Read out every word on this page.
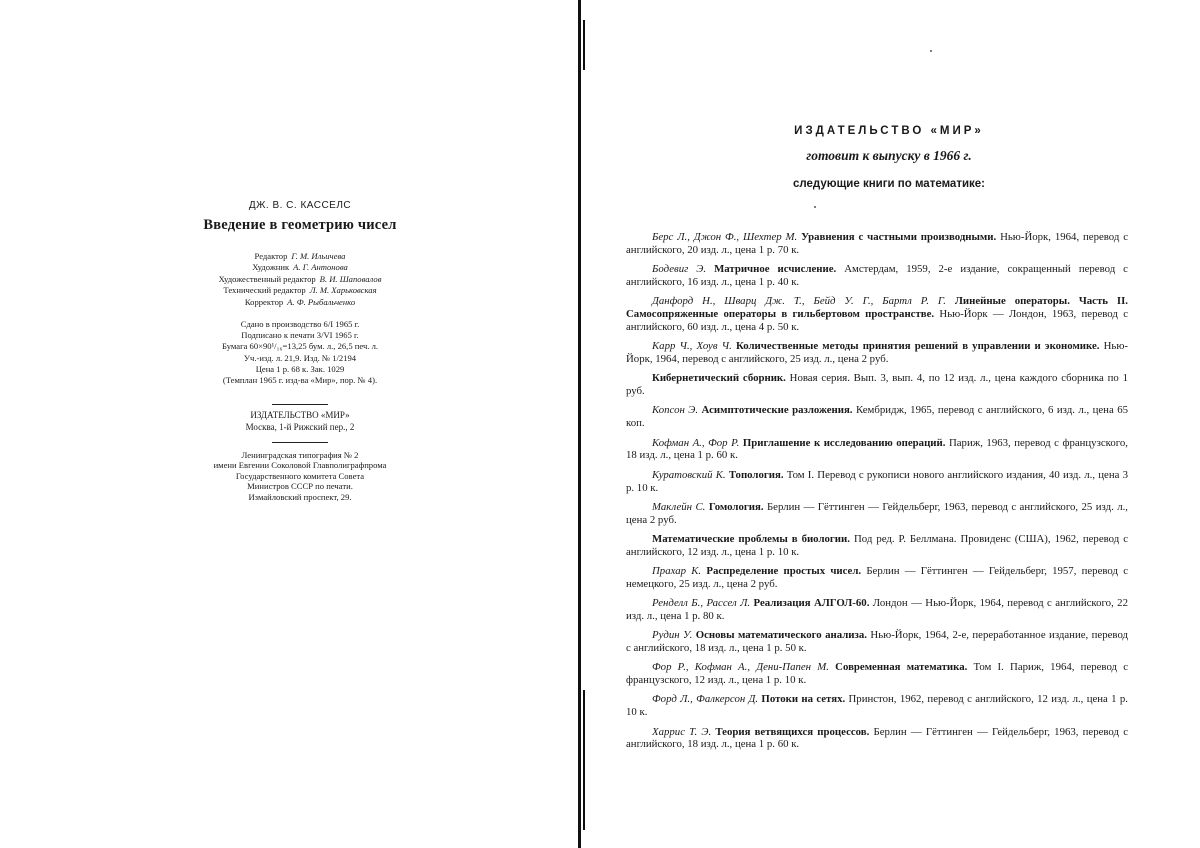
ДЖ. В. С. КАССЕЛС
Введение в геометрию чисел
Редактор Г. М. Ильичева
Художник А. Г. Антонова
Художественный редактор В. И. Шаповалов
Технический редактор Л. М. Харьковская
Корректор А. Ф. Рыбальченко
Сдано в производство 6/I 1965 г.
Подписано к печати 3/VI 1965 г.
Бумага 60×90¹/₁₆=13,25 бум. л., 26,5 печ. л.
Уч.-изд. л. 21,9. Изд. № 1/2194
Цена 1 р. 68 к. Зак. 1029
(Темплан 1965 г. изд-ва «Мир», пор. № 4).
ИЗДАТЕЛЬСТВО «МИР»
Москва, 1-й Рижский пер., 2
Ленинградская типография № 2
имени Евгении Соколовой Главполиграфпрома
Государственного комитета Совета
Министров СССР по печати.
Измайловский проспект, 29.
ИЗДАТЕЛЬСТВО «МИР»
готовит к выпуску в 1966 г.
следующие книги по математике:
Берс Л., Джон Ф., Шехтер М. Уравнения с частными производными. Нью-Йорк, 1964, перевод с английского, 20 изд. л., цена 1 р. 70 к.
Бодевиг Э. Матричное исчисление. Амстердам, 1959, 2-е издание, сокращенный перевод с английского, 16 изд. л., цена 1 р. 40 к.
Данфорд Н., Шварц Дж. Т., Бейд У. Г., Бартл Р. Г. Линейные операторы. Часть II. Самосопряженные операторы в гильбертовом пространстве. Нью-Йорк — Лондон, 1963, перевод с английского, 60 изд. л., цена 4 р. 50 к.
Карр Ч., Хоув Ч. Количественные методы принятия решений в управлении и экономике. Нью-Йорк, 1964, перевод с английского, 25 изд. л., цена 2 руб.
Кибернетический сборник. Новая серия. Вып. 3, вып. 4, по 12 изд. л., цена каждого сборника по 1 руб.
Копсон Э. Асимптотические разложения. Кембридж, 1965, перевод с английского, 6 изд. л., цена 65 коп.
Кофман А., Фор Р. Приглашение к исследованию операций. Париж, 1963, перевод с французского, 18 изд. л., цена 1 р. 60 к.
Куратовский К. Топология. Том I. Перевод с рукописи нового английского издания, 40 изд. л., цена 3 р. 10 к.
Маклейн С. Гомология. Берлин — Гёттинген — Гейдельберг, 1963, перевод с английского, 25 изд. л., цена 2 руб.
Математические проблемы в биологии. Под ред. Р. Беллмана. Провиденс (США), 1962, перевод с английского, 12 изд. л., цена 1 р. 10 к.
Прахар К. Распределение простых чисел. Берлин — Гёттинген — Гейдельберг, 1957, перевод с немецкого, 25 изд. л., цена 2 руб.
Ренделл Б., Рассел Л. Реализация АЛГОЛ-60. Лондон — Нью-Йорк, 1964, перевод с английского, 22 изд. л., цена 1 р. 80 к.
Рудин У. Основы математического анализа. Нью-Йорк, 1964, 2-е, переработанное издание, перевод с английского, 18 изд. л., цена 1 р. 50 к.
Фор Р., Кофман А., Дени-Папен М. Современная математика. Том I. Париж, 1964, перевод с французского, 12 изд. л., цена 1 р. 10 к.
Форд Л., Фалкерсон Д. Потоки на сетях. Принстон, 1962, перевод с английского, 12 изд. л., цена 1 р. 10 к.
Харрис Т. Э. Теория ветвящихся процессов. Берлин — Гёттинген — Гейдельберг, 1963, перевод с английского, 18 изд. л., цена 1 р. 60 к.
